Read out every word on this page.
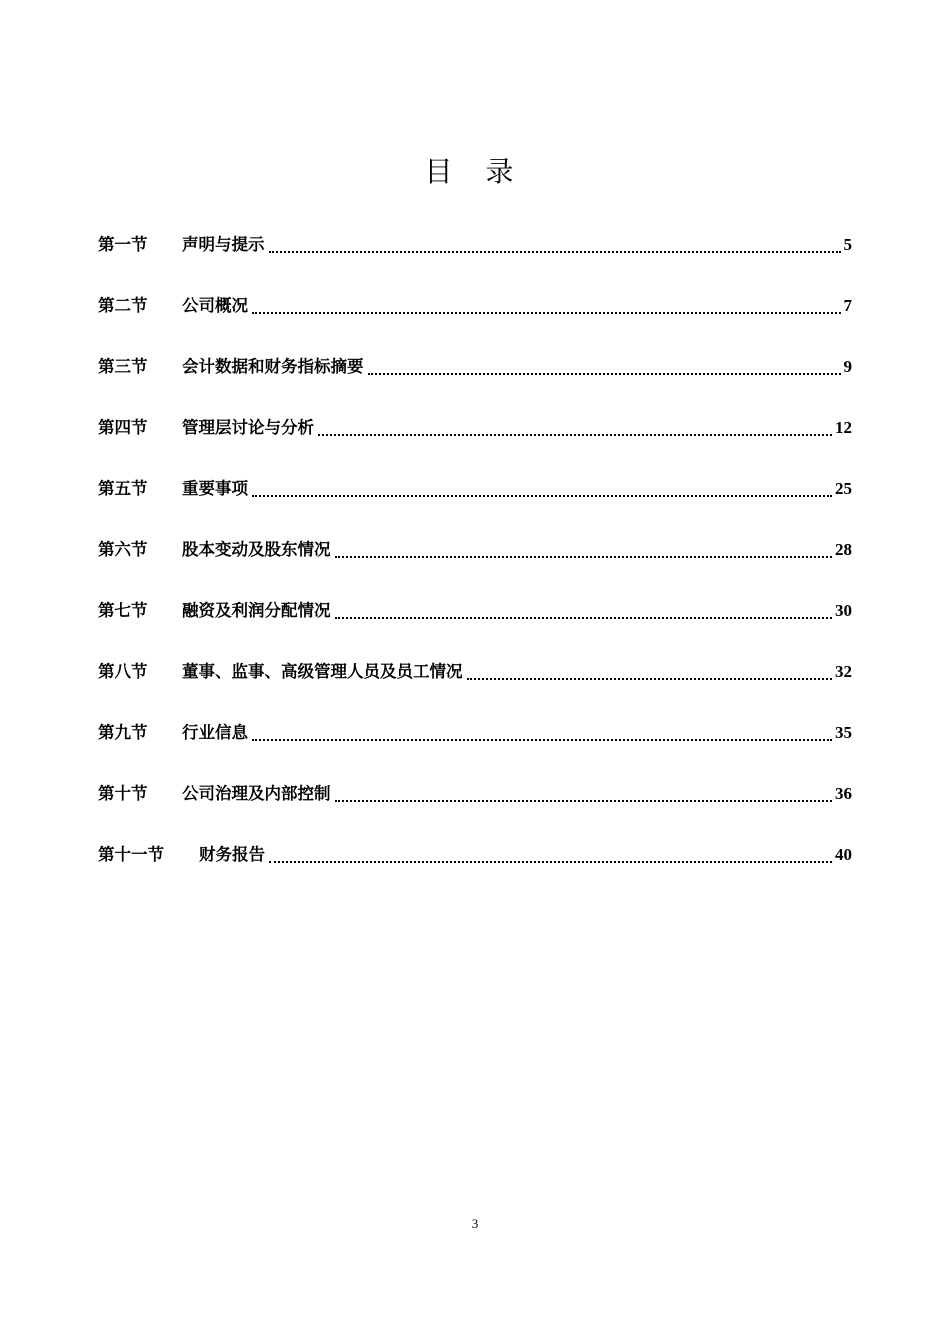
目 录
第一节	声明与提示	5
第二节	公司概况	7
第三节	会计数据和财务指标摘要	9
第四节	管理层讨论与分析	12
第五节	重要事项	25
第六节	股本变动及股东情况	28
第七节	融资及利润分配情况	30
第八节	董事、监事、高级管理人员及员工情况	32
第九节	行业信息	35
第十节	公司治理及内部控制	36
第十一节	财务报告	40
3
